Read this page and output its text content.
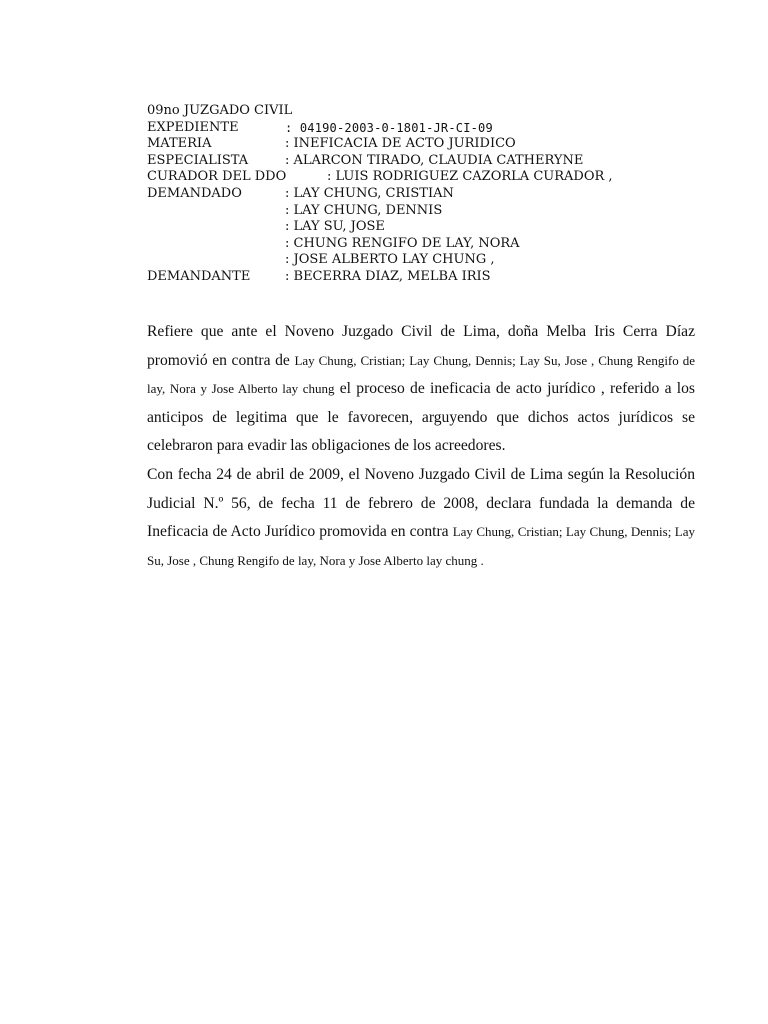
09no JUZGADO CIVIL
EXPEDIENTE	: 04190-2003-0-1801-JR-CI-09
MATERIA	: INEFICACIA DE ACTO JURIDICO
ESPECIALISTA	: ALARCON TIRADO, CLAUDIA CATHERYNE
CURADOR DEL DDO	: LUIS RODRIGUEZ CAZORLA CURADOR ,
DEMANDADO	: LAY CHUNG, CRISTIAN
: LAY CHUNG, DENNIS
: LAY SU, JOSE
: CHUNG RENGIFO DE LAY, NORA
: JOSE ALBERTO LAY CHUNG ,
DEMANDANTE	: BECERRA DIAZ, MELBA IRIS

Refiere que ante el Noveno Juzgado Civil de Lima, doña Melba Iris Cerra Díaz promovió en contra de Lay Chung, Cristian; Lay Chung, Dennis; Lay Su, Jose , Chung Rengifo de lay, Nora y Jose Alberto lay chung el proceso de ineficacia de acto jurídico , referido a los anticipos de legitima que le favorecen, arguyendo que dichos actos jurídicos se celebraron para evadir las obligaciones de los acreedores.

Con fecha 24 de abril de 2009, el Noveno Juzgado Civil de Lima según la Resolución Judicial N.º 56, de fecha 11 de febrero de 2008, declara fundada la demanda de Ineficacia de Acto Jurídico promovida en contra Lay Chung, Cristian; Lay Chung, Dennis; Lay Su, Jose , Chung Rengifo de lay, Nora y Jose Alberto lay chung .
